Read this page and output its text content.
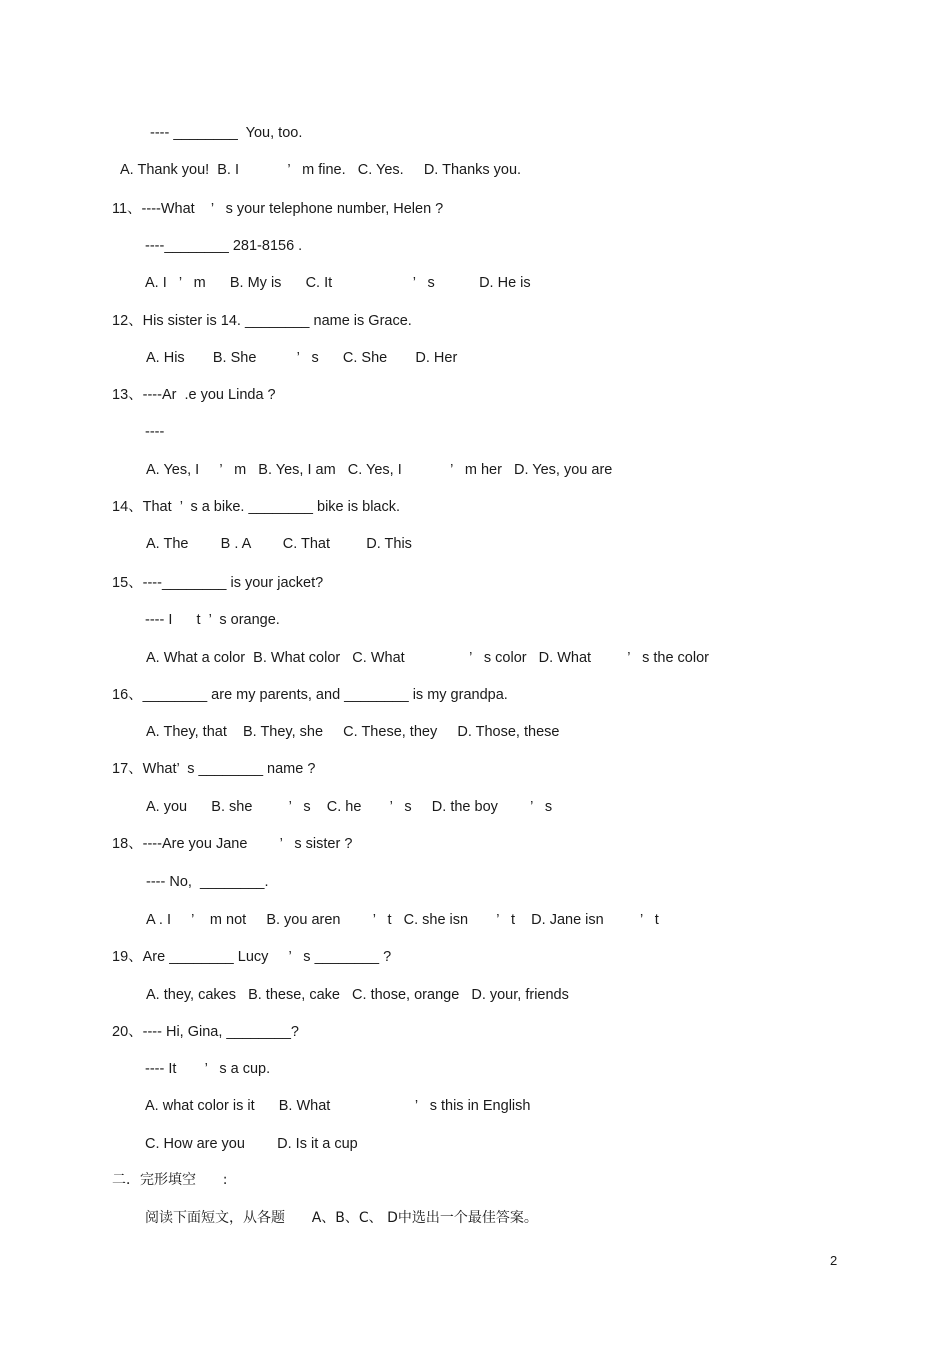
---- ________  You, too.
A. Thank you!  B. I            ’   m fine.   C. Yes.     D. Thanks you.
11、----What    ’   s your telephone number, Helen ?
----________ 281-8156 .
A. I   ’   m      B. My is      C. It                    ’   s           D. He is
12、His sister is 14. ________ name is Grace.
A. His       B. She          ’   s      C. She       D. Her
13、----Ar  .e you Linda ?
----
A. Yes, I     ’   m   B. Yes, I am   C. Yes, I            ’   m her   D. Yes, you are
14、That  ’  s a bike. ________ bike is black.
A. The        B . A        C. That         D. This
15、----________ is your jacket?
---- I      t  ’  s orange.
A. What a color  B. What color   C. What                ’   s color   D. What         ’   s the color
16、________ are my parents, and ________ is my grandpa.
A. They, that    B. They, she     C. These, they     D. Those, these
17、What’  s ________ name ?
A. you      B. she         ’   s    C. he       ’   s     D. the boy        ’   s
18、----Are you Jane        ’   s sister ?
---- No,  ________.
A . I     ’    m not     B. you aren        ’   t   C. she isn       ’   t    D. Jane isn         ’   t
19、Are ________ Lucy     ’   s ________ ?
A. they, cakes   B. these, cake   C. those, orange   D. your, friends
20、---- Hi, Gina, ________?
---- It       ’   s a cup.
A. what color is it      B. What                     ’   s this in English
C. How are you        D. Is it a cup
二．完形填空      :
阅读下面短文，从各题      A、B、C、 D中选出一个最佳答案。
2
